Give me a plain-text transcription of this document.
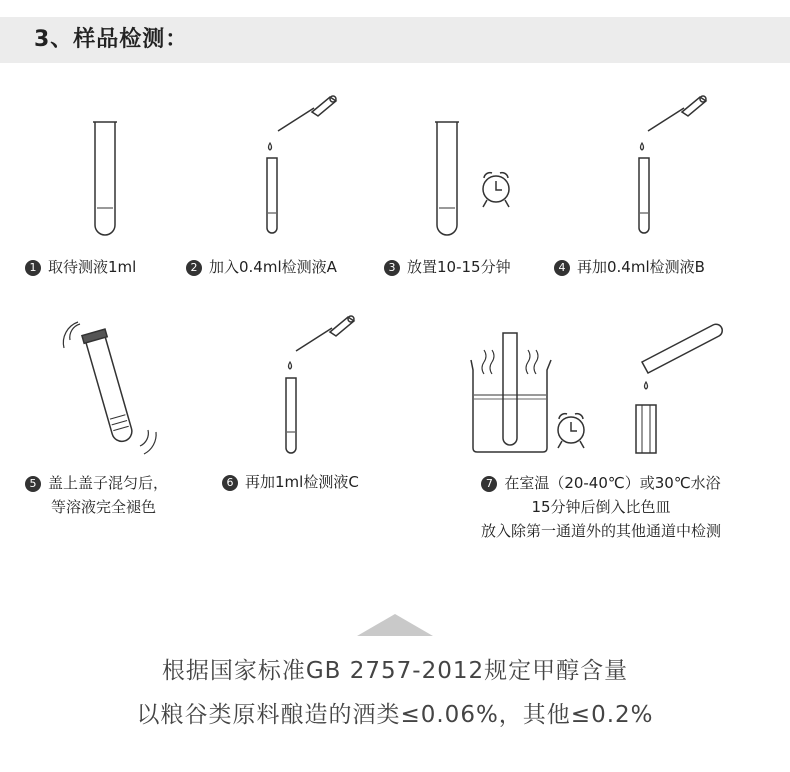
3、样品检测：
1 取待测液1ml	2 加入0.4ml检测液A	3 放置10-15分钟	4 再加0.4ml检测液B
5 盖上盖子混匀后，
等溶液完全褪色
6 再加1ml检测液C	7 在室温（20-40℃）或30℃水浴
15分钟后倒入比色皿
放入除第一通道外的其他通道中检测
根据国家标准GB 2757-2012规定甲醇含量
以粮谷类原料酿造的酒类≤0.06%，其他≤0.2%
